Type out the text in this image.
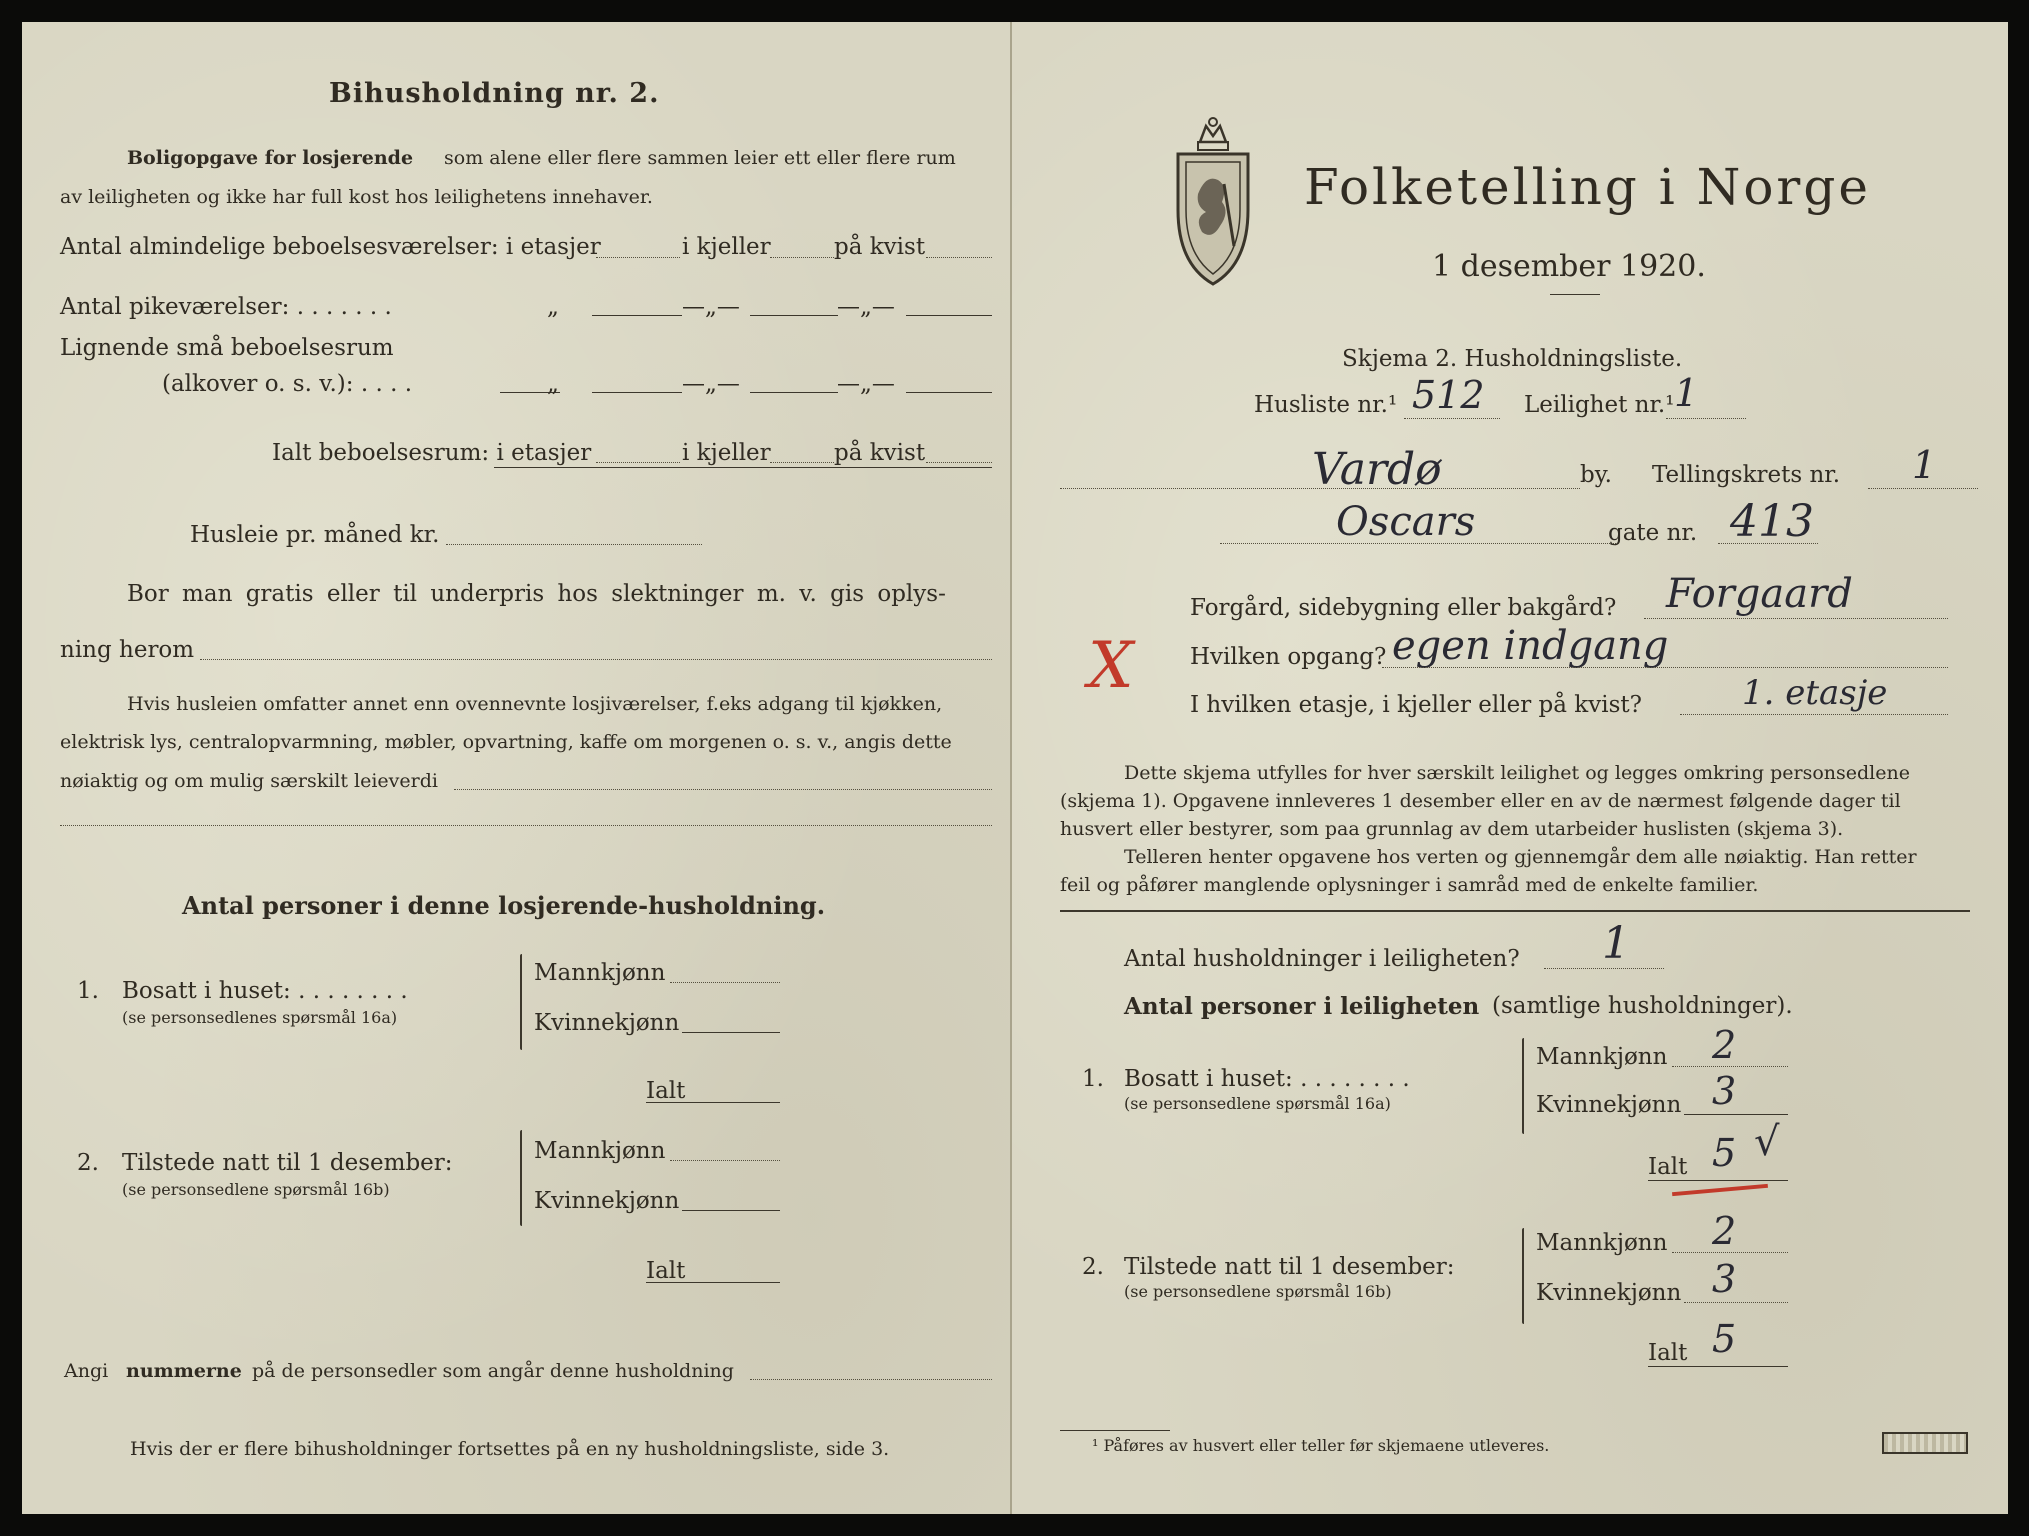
Bihusholdning nr. 2.
Boligopgave for losjerende som alene eller flere sammen leier ett eller flere rum
av leiligheten og ikke har full kost hos leilighetens innehaver.
Antal almindelige beboelsesværelser: i etasjer	i kjeller	på kvist
Antal pikeværelser: . . . . . . .	„	—„—	—„—
Lignende små beboelsesrum
(alkover o. s. v.): . . . .	„	—„—	—„—
Ialt beboelsesrum: i etasjer	i kjeller	på kvist
Husleie pr. måned kr.
Bor man gratis eller til underpris hos slektninger m. v. gis oplys-
ning herom
Hvis husleien omfatter annet enn ovennevnte losjiværelser, f.eks adgang til kjøkken,
elektrisk lys, centralopvarmning, møbler, opvartning, kaffe om morgenen o. s. v., angis dette
nøiaktig og om mulig særskilt leieverdi
Antal personer i denne losjerende-husholdning.
1. Bosatt i huset: . . . . . . . .
(se personsedlenes spørsmål 16a)
Mannkjønn
Kvinnekjønn
Ialt
2. Tilstede natt til 1 desember:
(se personsedlene spørsmål 16b)
Mannkjønn
Kvinnekjønn
Ialt
Angi nummerne på de personsedler som angår denne husholdning
Hvis der er flere bihusholdninger fortsettes på en ny husholdningsliste, side 3.
Folketelling i Norge
1 desember 1920.
Skjema 2. Husholdningsliste.
Husliste nr.¹ 512 Leilighet nr.¹ 1
Vardø	by. Tellingskrets nr. 1
Oscars	gate nr. 413
Forgård, sidebygning eller bakgård? Forgaard
X Hvilken opgang? egen indgang
I hvilken etasje, i kjeller eller på kvist?	1. etasje
Dette skjema utfylles for hver særskilt leilighet og legges omkring personsedlene
(skjema 1). Opgavene innleveres 1 desember eller en av de nærmest følgende dager til
husvert eller bestyrer, som paa grunnlag av dem utarbeider huslisten (skjema 3).
Telleren henter opgavene hos verten og gjennemgår dem alle nøiaktig. Han retter
feil og påfører manglende oplysninger i samråd med de enkelte familier.
Antal husholdninger i leiligheten? 1
Antal personer i leiligheten (samtlige husholdninger).
1. Bosatt i huset: . . . . . . . .
(se personsedlene spørsmål 16a)
Mannkjønn 2
Kvinnekjønn 3
Ialt 5 √
2. Tilstede natt til 1 desember:
(se personsedlene spørsmål 16b)
Mannkjønn 2
Kvinnekjønn 3
Ialt 5
¹ Påføres av husvert eller teller før skjemaene utleveres.
